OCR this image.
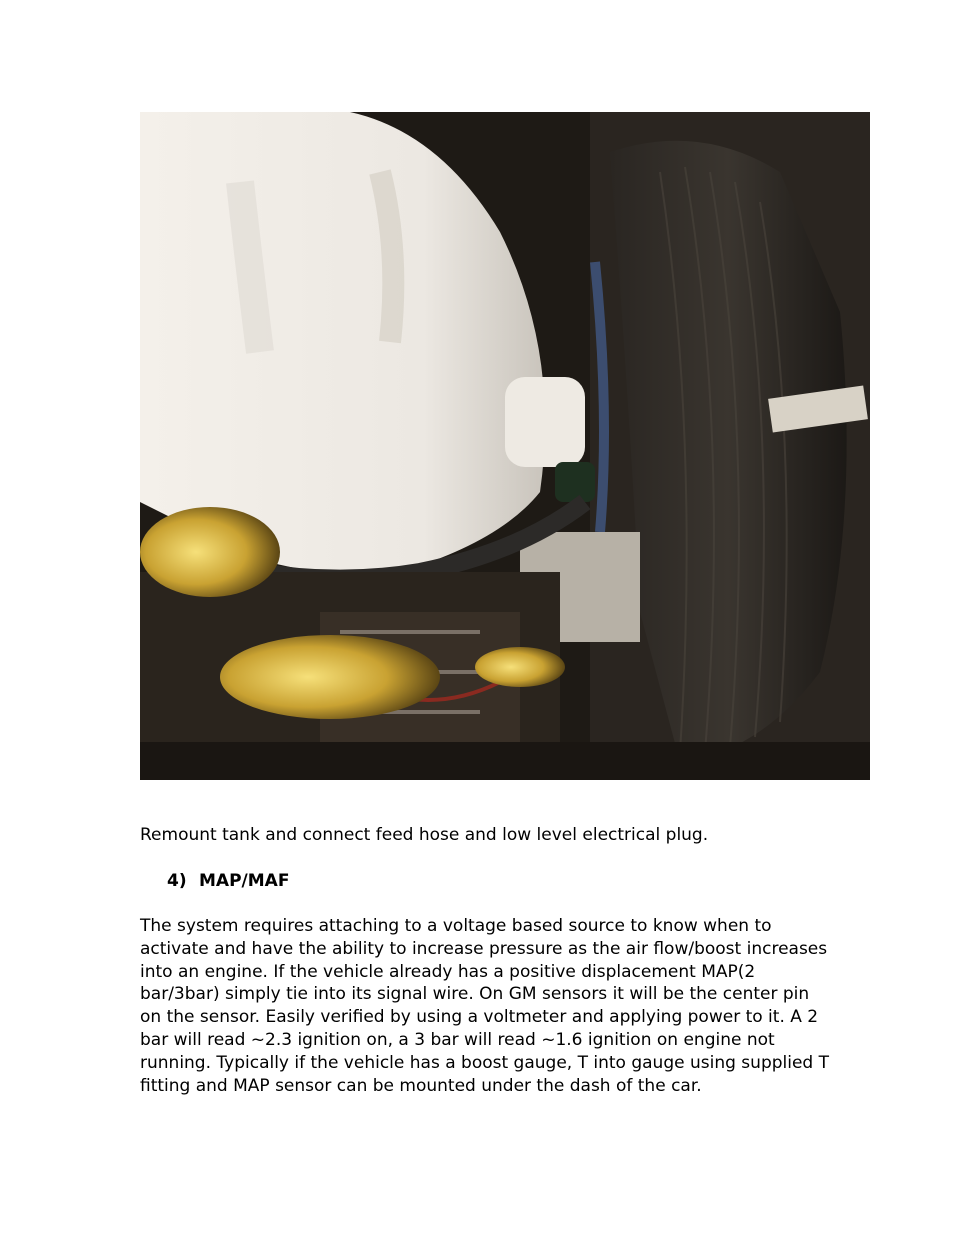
Remount tank and connect feed hose and low level electrical plug.

4) MAP/MAF

The system requires attaching to a voltage based source to know when to activate and have the ability to increase pressure as the air flow/boost increases into an engine. If the vehicle already has a positive displacement MAP(2 bar/3bar) simply tie into its signal wire. On GM sensors it will be the center pin on the sensor. Easily verified by using a voltmeter and applying power to it. A 2 bar will read ~2.3 ignition on, a 3 bar will read ~1.6 ignition on engine not running. Typically if the vehicle has a boost gauge, T into gauge using supplied T fitting and MAP sensor can be mounted under the dash of the car.
